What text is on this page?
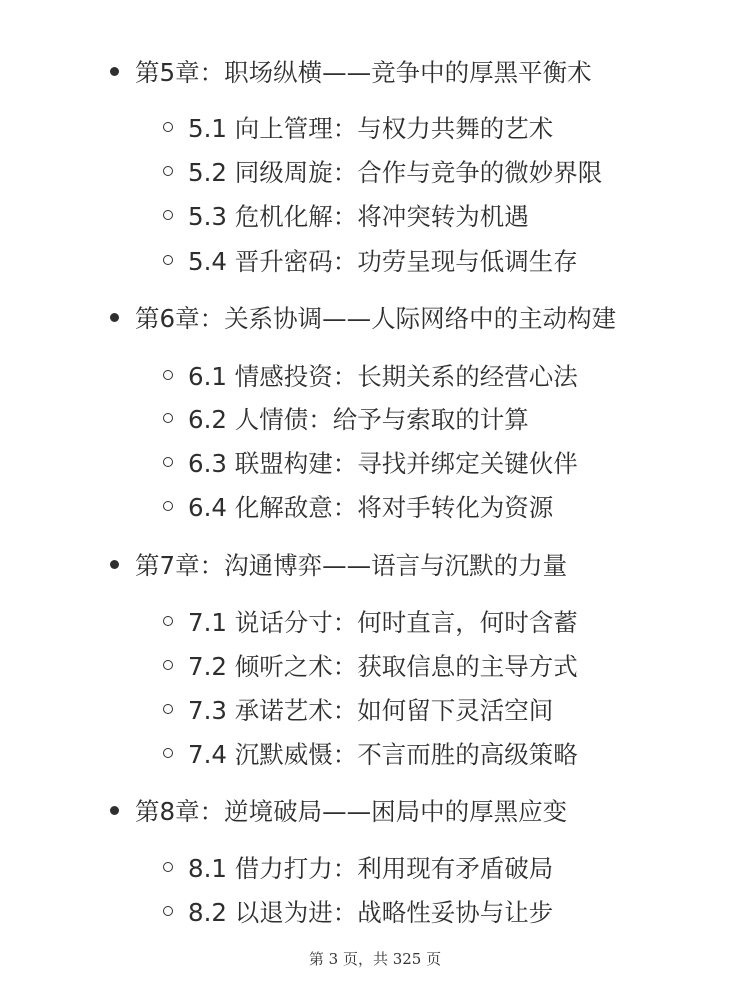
第5章：职场纵横——竞争中的厚黑平衡术
5.1 向上管理：与权力共舞的艺术
5.2 同级周旋：合作与竞争的微妙界限
5.3 危机化解：将冲突转为机遇
5.4 晋升密码：功劳呈现与低调生存
第6章：关系协调——人际网络中的主动构建
6.1 情感投资：长期关系的经营心法
6.2 人情债：给予与索取的计算
6.3 联盟构建：寻找并绑定关键伙伴
6.4 化解敌意：将对手转化为资源
第7章：沟通博弈——语言与沉默的力量
7.1 说话分寸：何时直言，何时含蓄
7.2 倾听之术：获取信息的主导方式
7.3 承诺艺术：如何留下灵活空间
7.4 沉默威慑：不言而胜的高级策略
第8章：逆境破局——困局中的厚黑应变
8.1 借力打力：利用现有矛盾破局
8.2 以退为进：战略性妥协与让步
第 3 页，共 325 页
